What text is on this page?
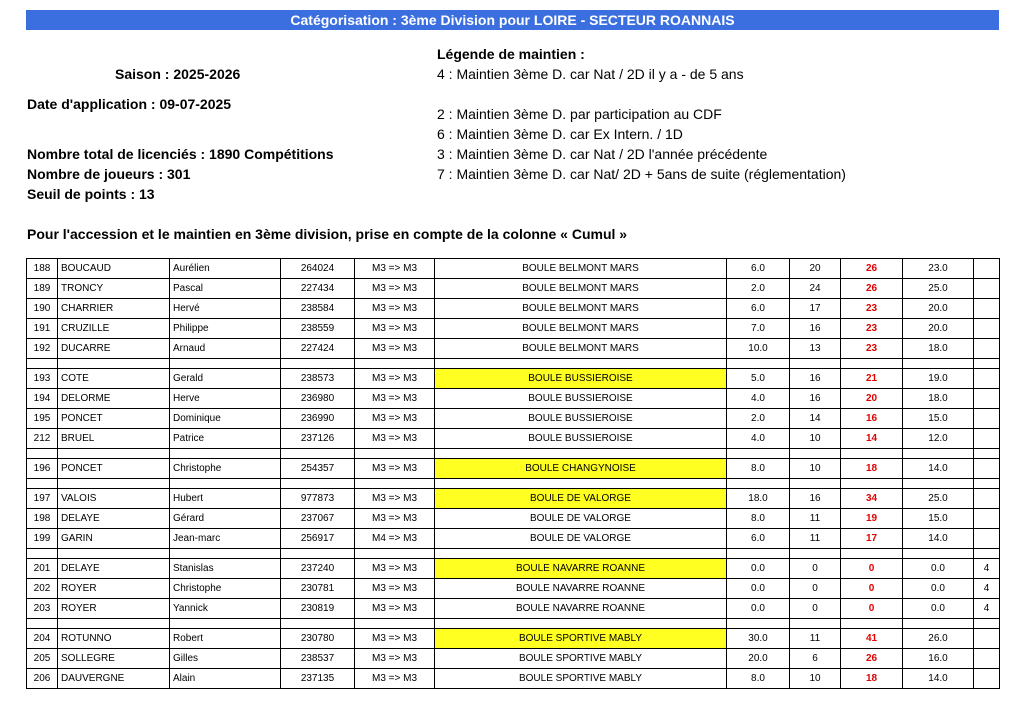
Catégorisation : 3ème Division pour LOIRE - SECTEUR ROANNAIS
Saison : 2025-2026
Date d'application : 09-07-2025
Nombre total de licenciés : 1890 Compétitions
Nombre de joueurs : 301
Seuil de points : 13
Légende de maintien :
4 : Maintien 3ème D. car Nat / 2D il y a - de 5 ans
2 : Maintien 3ème D. par participation au CDF
6 : Maintien 3ème D. car Ex Intern. / 1D
3 : Maintien 3ème D. car Nat / 2D l'année précédente
7 : Maintien 3ème D. car Nat/ 2D + 5ans de suite (réglementation)
Pour l'accession et le maintien en 3ème division, prise en compte de la colonne « Cumul »
188	BOUCAUD	Aurélien	264024	M3 => M3	BOULE BELMONT MARS	6.0	20	26	23.0	
189	TRONCY	Pascal	227434	M3 => M3	BOULE BELMONT MARS	2.0	24	26	25.0	
190	CHARRIER	Hervé	238584	M3 => M3	BOULE BELMONT MARS	6.0	17	23	20.0	
191	CRUZILLE	Philippe	238559	M3 => M3	BOULE BELMONT MARS	7.0	16	23	20.0	
192	DUCARRE	Arnaud	227424	M3 => M3	BOULE BELMONT MARS	10.0	13	23	18.0	

193	COTE	Gerald	238573	M3 => M3	BOULE BUSSIEROISE	5.0	16	21	19.0	
194	DELORME	Herve	236980	M3 => M3	BOULE BUSSIEROISE	4.0	16	20	18.0	
195	PONCET	Dominique	236990	M3 => M3	BOULE BUSSIEROISE	2.0	14	16	15.0	
212	BRUEL	Patrice	237126	M3 => M3	BOULE BUSSIEROISE	4.0	10	14	12.0	

196	PONCET	Christophe	254357	M3 => M3	BOULE CHANGYNOISE	8.0	10	18	14.0	

197	VALOIS	Hubert	977873	M3 => M3	BOULE DE VALORGE	18.0	16	34	25.0	
198	DELAYE	Gérard	237067	M3 => M3	BOULE DE VALORGE	8.0	11	19	15.0	
199	GARIN	Jean-marc	256917	M4 => M3	BOULE DE VALORGE	6.0	11	17	14.0	

201	DELAYE	Stanislas	237240	M3 => M3	BOULE NAVARRE ROANNE	0.0	0	0	0.0	4
202	ROYER	Christophe	230781	M3 => M3	BOULE NAVARRE ROANNE	0.0	0	0	0.0	4
203	ROYER	Yannick	230819	M3 => M3	BOULE NAVARRE ROANNE	0.0	0	0	0.0	4

204	ROTUNNO	Robert	230780	M3 => M3	BOULE SPORTIVE MABLY	30.0	11	41	26.0	
205	SOLLEGRE	Gilles	238537	M3 => M3	BOULE SPORTIVE MABLY	20.0	6	26	16.0	
206	DAUVERGNE	Alain	237135	M3 => M3	BOULE SPORTIVE MABLY	8.0	10	18	14.0	
